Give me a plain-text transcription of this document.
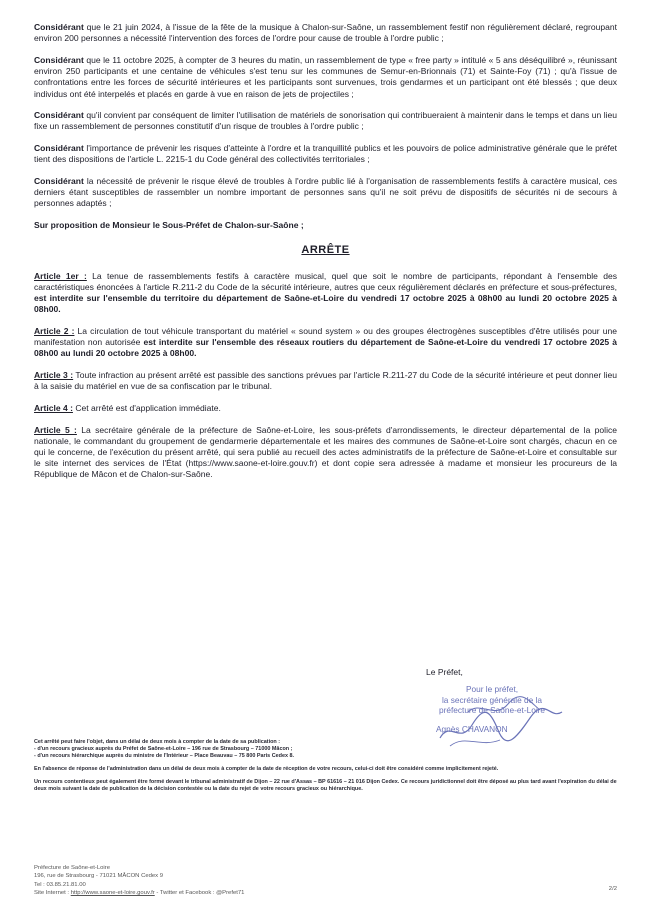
Considérant que le 21 juin 2024, à l'issue de la fête de la musique à Chalon-sur-Saône, un rassemblement festif non régulièrement déclaré, regroupant environ 200 personnes a nécessité l'intervention des forces de l'ordre pour cause de trouble à l'ordre public ;

Considérant que le 11 octobre 2025, à compter de 3 heures du matin, un rassemblement de type « free party » intitulé « 5 ans déséquilibré », réunissant environ 250 participants et une centaine de véhicules s'est tenu sur les communes de Semur-en-Brionnais (71) et Sainte-Foy (71) ; qu'à l'issue de confrontations entre les forces de sécurité intérieures et les participants sont survenues, trois gendarmes et un participant ont été blessés ; que deux individus ont été interpelés et placés en garde à vue en raison de jets de projectiles ;

Considérant qu'il convient par conséquent de limiter l'utilisation de matériels de sonorisation qui contribueraient à maintenir dans le temps et dans un lieu fixe un rassemblement de personnes constitutif d'un risque de troubles à l'ordre public ;

Considérant l'importance de prévenir les risques d'atteinte à l'ordre et la tranquillité publics et les pouvoirs de police administrative générale que le préfet tient des dispositions de l'article L. 2215-1 du Code général des collectivités territoriales ;

Considérant la nécessité de prévenir le risque élevé de troubles à l'ordre public lié à l'organisation de rassemblements festifs à caractère musical, ces derniers étant susceptibles de rassembler un nombre important de personnes sans qu'il ne soit prévu de dispositifs de sécurités ni de secours à personnes adaptés ;

Sur proposition de Monsieur le Sous-Préfet de Chalon-sur-Saône ;

ARRÊTE

Article 1er : La tenue de rassemblements festifs à caractère musical, quel que soit le nombre de participants, répondant à l'ensemble des caractéristiques énoncées à l'article R.211-2 du Code de la sécurité intérieure, autres que ceux régulièrement déclarés en préfecture et sous-préfectures, est interdite sur l'ensemble du territoire du département de Saône-et-Loire du vendredi 17 octobre 2025 à 08h00 au lundi 20 octobre 2025 à 08h00.

Article 2 : La circulation de tout véhicule transportant du matériel « sound system » ou des groupes électrogènes susceptibles d'être utilisés pour une manifestation non autorisée est interdite sur l'ensemble des réseaux routiers du département de Saône-et-Loire du vendredi 17 octobre 2025 à 08h00 au lundi 20 octobre 2025 à 08h00.

Article 3 : Toute infraction au présent arrêté est passible des sanctions prévues par l'article R.211-27 du Code de la sécurité intérieure et peut donner lieu à la saisie du matériel en vue de sa confiscation par le tribunal.

Article 4 : Cet arrêté est d'application immédiate.

Article 5 : La secrétaire générale de la préfecture de Saône-et-Loire, les sous-préfets d'arrondissements, le directeur départemental de la police nationale, le commandant du groupement de gendarmerie départementale et les maires des communes de Saône-et-Loire sont chargés, chacun en ce qui le concerne, de l'exécution du présent arrêté, qui sera publié au recueil des actes administratifs de la préfecture de Saône-et-Loire et consultable sur le site internet des services de l'État (https://www.saone-et-loire.gouv.fr) et dont copie sera adressée à madame et monsieur les procureurs de la République de Mâcon et de Chalon-sur-Saône.

Le Préfet,
Pour le préfet,
la secrétaire générale de la
préfecture de Saône-et-Loire
Agnès CHAVANON

Cet arrêté peut faire l'objet, dans un délai de deux mois à compter de la date de sa publication :
- d'un recours gracieux auprès du Préfet de Saône-et-Loire – 196 rue de Strasbourg – 71000 Mâcon ;
- d'un recours hiérarchique auprès du ministre de l'Intérieur – Place Beauvau – 75 800 Paris Cedex 8.

En l'absence de réponse de l'administration dans un délai de deux mois à compter de la date de réception de votre recours, celui-ci doit être considéré comme implicitement rejeté.

Un recours contentieux peut également être formé devant le tribunal administratif de Dijon – 22 rue d'Assas – BP 61616 – 21 016 Dijon Cedex. Ce recours juridictionnel doit être déposé au plus tard avant l'expiration du délai de deux mois suivant la date de publication de la décision contestée ou la date du rejet de votre recours gracieux ou hiérarchique.

Préfecture de Saône-et-Loire
196, rue de Strasbourg - 71021 MÂCON Cedex 9
Tel : 03.85.21.81.00
Site Internet : http://www.saone-et-loire.gouv.fr - Twitter et Facebook : @Prefet71
2/2
